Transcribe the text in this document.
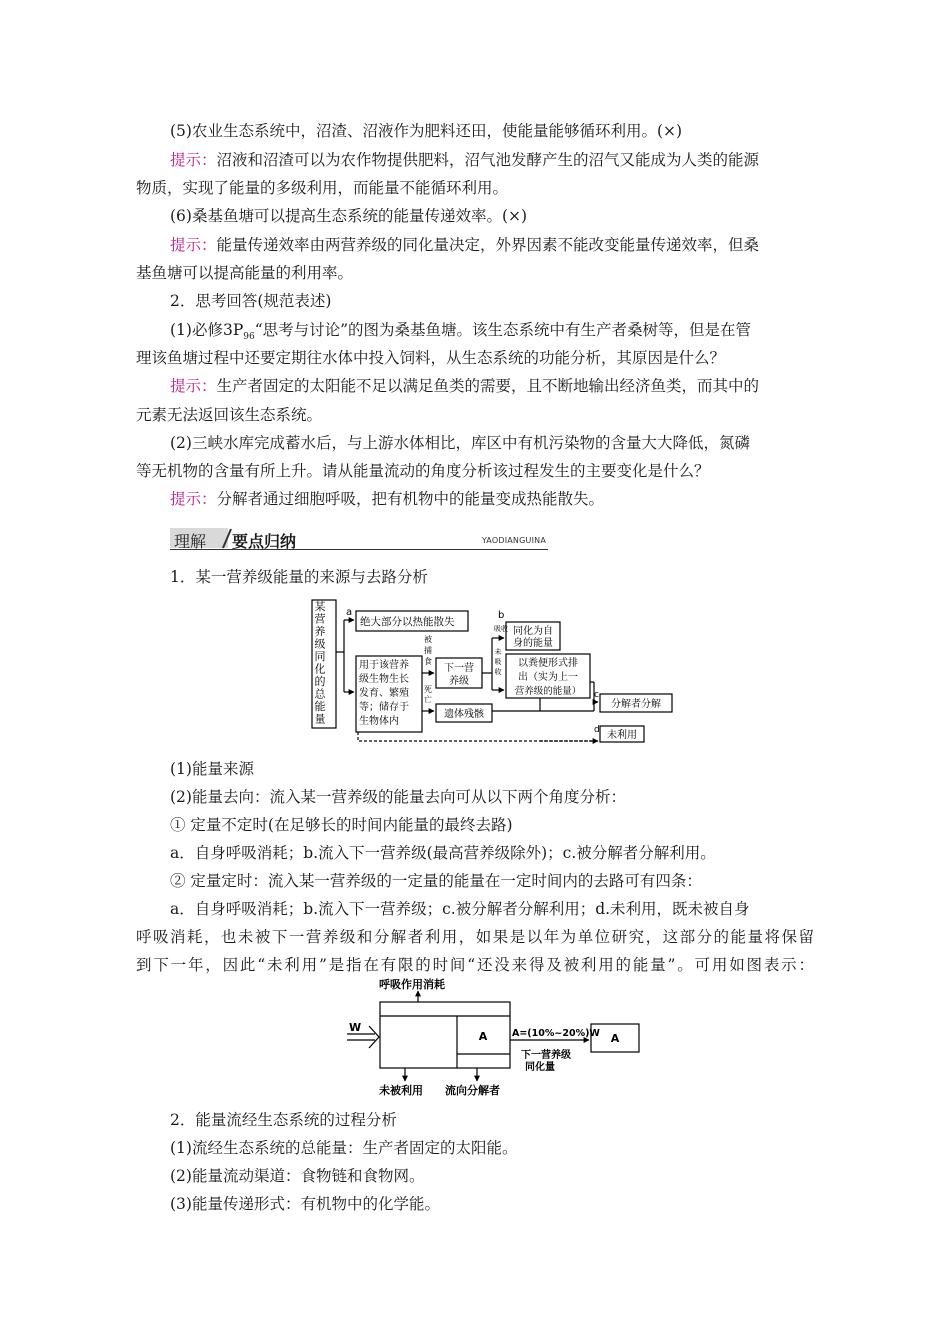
(5)农业生态系统中，沼渣、沼液作为肥料还田，使能量能够循环利用。(×)
提示：沼液和沼渣可以为农作物提供肥料，沼气池发酵产生的沼气又能成为人类的能源
物质，实现了能量的多级利用，而能量不能循环利用。
(6)桑基鱼塘可以提高生态系统的能量传递效率。(×)
提示：能量传递效率由两营养级的同化量决定，外界因素不能改变能量传递效率，但桑
基鱼塘可以提高能量的利用率。
2．思考回答(规范表述)
(1)必修$3P_{96}“$思考与讨论”的图为桑基鱼塘。该生态系统中有生产者桑树等，但是在管
理该鱼塘过程中还要定期往水体中投入饲料，从生态系统的功能分析，其原因是什么？
提示：生产者固定的太阳能不足以满足鱼类的需要，且不断地输出经济鱼类，而其中的
元素无法返回该生态系统。
(2)三峡水库完成蓄水后，与上游水体相比，库区中有机污染物的含量大大降低，氮磷
等无机物的含量有所上升。请从能量流动的角度分析该过程发生的主要变化是什么？
提示：分解者通过细胞呼吸，把有机物中的能量变成热能散失。
理解 要点归纳	YAODIANGUINA
1．某一营养级能量的来源与去路分析
某
营
养
级
同
化
的
总
能
量
a
绝大部分以热能散失
用于该营养
级生物生长
发育、繁殖
等；储存于
生物体内
被
捕
食
死
亡
下一营
养级
遗体残骸
b
吸收
未
吸
收
同化为自
身的能量
以粪便形式排
出（实为上一
营养级的能量） c
分解者分解
d 未利用
(1)能量来源
(2)能量去向：流入某一营养级的能量去向可从以下两个角度分析：
① 定量不定时(在足够长的时间内能量的最终去路)
a．自身呼吸消耗；b.流入下一营养级(最高营养级除外)；c.被分解者分解利用。
② 定量定时：流入某一营养级的一定量的能量在一定时间内的去路可有四条：
a．自身呼吸消耗；b.流入下一营养级；c.被分解者分解利用；d.未利用，既未被自身
呼吸消耗，也未被下一营养级和分解者利用，如果是以年为单位研究，这部分的能量将保留
到下一年，因此“未利用”是指在有限的时间“还没来得及被利用的能量”。可用如图表示：
呼吸作用消耗
W
A	A=(10%~20%)W
下一营养级
同化量
A
未被利用 流向分解者
2．能量流经生态系统的过程分析
(1)流经生态系统的总能量：生产者固定的太阳能。
(2)能量流动渠道：食物链和食物网。
(3)能量传递形式：有机物中的化学能。
